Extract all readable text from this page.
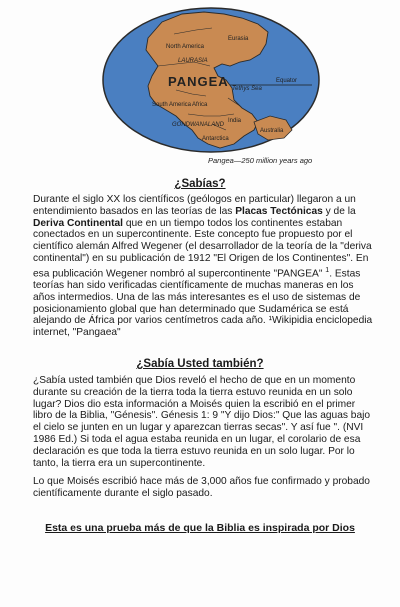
North America
Eurasia
LAURASIA
PANGEA	Equator
Tethys Sea
South America Africa
GONDWANALAND
India
Australia
Antarctica
Pangea—250 million years ago
¿Sabías?
Durante el siglo XX los científicos (geólogos en particular) llegaron a un entendimiento basados en las teorías de las Placas Tectónicas y de la Deriva Continental que en un tiempo todos los continentes estaban conectados en un supercontinente. Este concepto fue propuesto por el científico alemán Alfred Wegener (el desarrollador de la teoría de la "deriva continental") en su publicación de 1912 "El Origen de los Continentes". En esa publicación Wegener nombró al supercontinente "PANGEA" $^1$. Estas teorías han sido verificadas científicamente de muchas maneras en los años intermedios. Una de las más interesantes es el uso de sistemas de posicionamiento global que han determinado que Sudamérica se está alejando de África por varios centímetros cada año. ¹Wikipidia enciclopedia internet, "Pangaea"
¿Sabía Usted también?
¿Sabía usted también que Dios reveló el hecho de que en un momento durante su creación de la tierra toda la tierra estuvo reunida en un solo lugar? Dios dio esta información a Moisés quien la escribió en el primer libro de la Biblia, "Génesis". Génesis 1: 9 "Y dijo Dios:" Que las aguas bajo el cielo se junten en un lugar y aparezcan tierras secas". Y así fue ". (NVI 1986 Ed.) Si toda el agua estaba reunida en un lugar, el corolario de esa declaración es que toda la tierra estuvo reunida en un solo lugar. Por lo tanto, la tierra era un supercontinente.
Lo que Moisés escribió hace más de 3,000 años fue confirmado y probado científicamente durante el siglo pasado.
Esta es una prueba más de que la Biblia es inspirada por Dios
